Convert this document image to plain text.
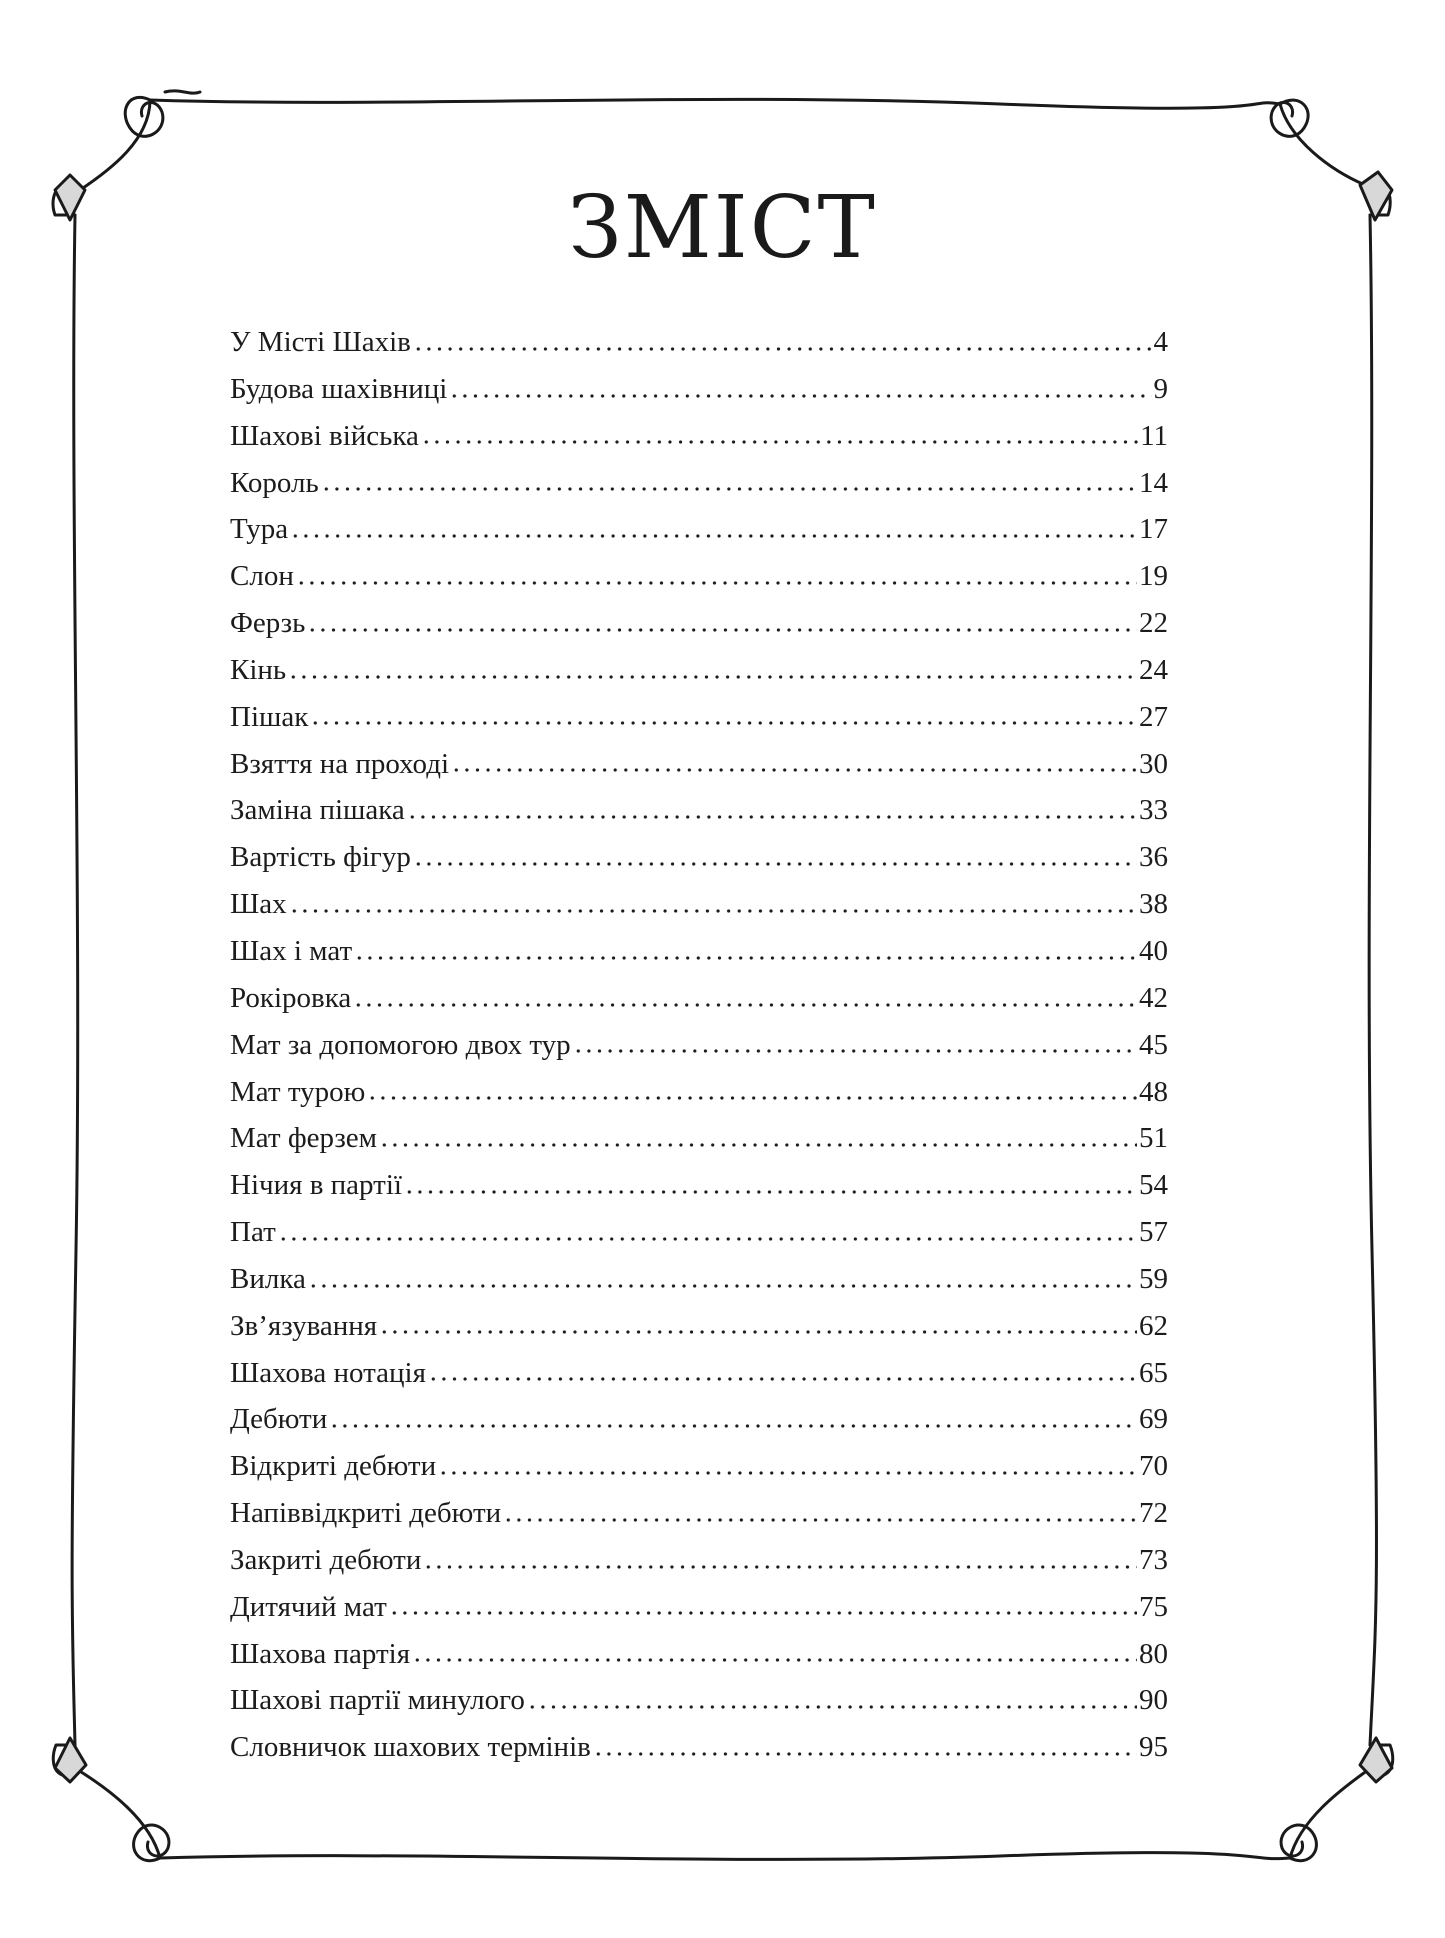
ЗМІСТ
У Місті Шахів	4
Будова шахівниці	9
Шахові війська	11
Король	14
Тура	17
Слон	19
Ферзь	22
Кінь	24
Пішак	27
Взяття на проході	30
Заміна пішака	33
Вартість фігур	36
Шах	38
Шах і мат	40
Рокіровка	42
Мат за допомогою двох тур	45
Мат турою	48
Мат ферзем	51
Нічия в партії	54
Пат	57
Вилка	59
Зв’язування	62
Шахова нотація	65
Дебюти	69
Відкриті дебюти	70
Напіввідкриті дебюти	72
Закриті дебюти	73
Дитячий мат	75
Шахова партія	80
Шахові партії минулого	90
Словничок шахових термінів	95
